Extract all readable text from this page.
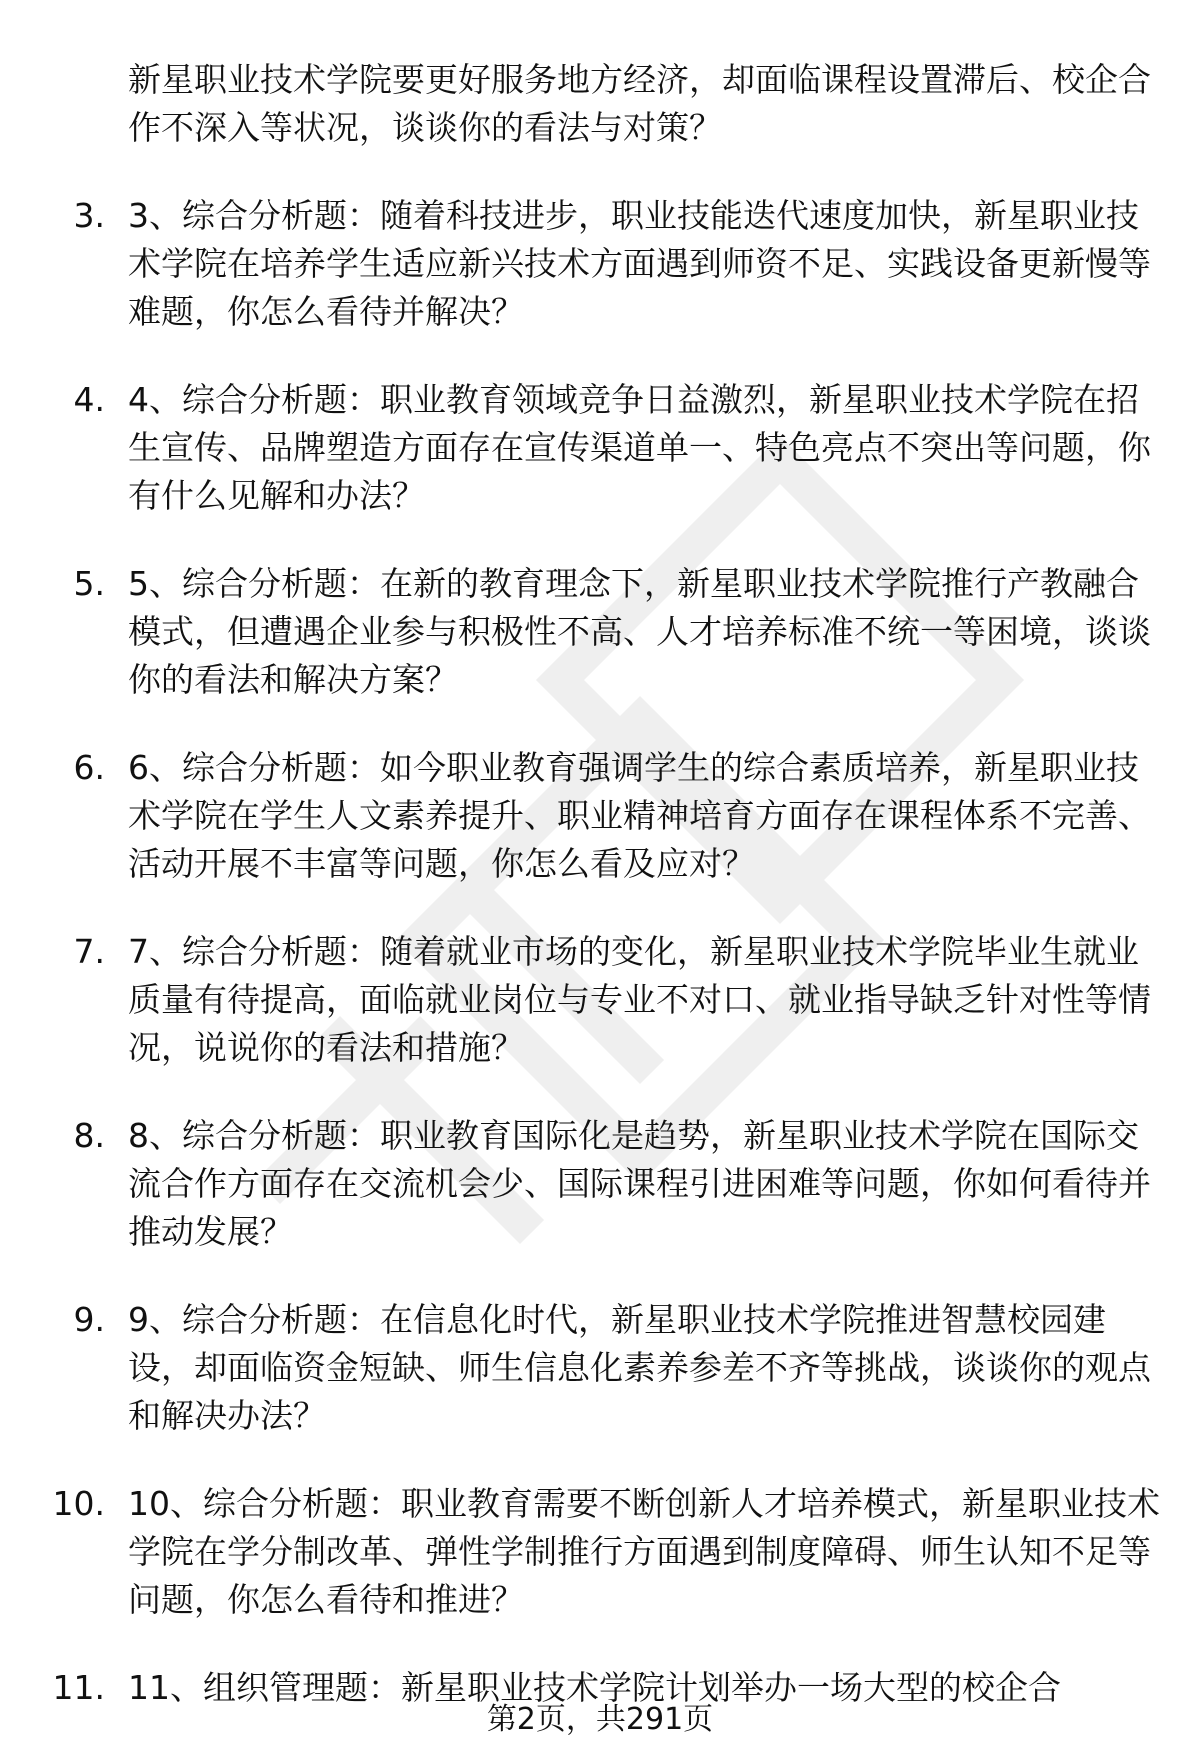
新星职业技术学院要更好服务地方经济，却面临课程设置滞后、校企合作不深入等状况，谈谈你的看法与对策？
3. 3、综合分析题：随着科技进步，职业技能迭代速度加快，新星职业技术学院在培养学生适应新兴技术方面遇到师资不足、实践设备更新慢等难题，你怎么看待并解决？
4. 4、综合分析题：职业教育领域竞争日益激烈，新星职业技术学院在招生宣传、品牌塑造方面存在宣传渠道单一、特色亮点不突出等问题，你有什么见解和办法？
5. 5、综合分析题：在新的教育理念下，新星职业技术学院推行产教融合模式，但遭遇企业参与积极性不高、人才培养标准不统一等困境，谈谈你的看法和解决方案？
6. 6、综合分析题：如今职业教育强调学生的综合素质培养，新星职业技术学院在学生人文素养提升、职业精神培育方面存在课程体系不完善、活动开展不丰富等问题，你怎么看及应对？
7. 7、综合分析题：随着就业市场的变化，新星职业技术学院毕业生就业质量有待提高，面临就业岗位与专业不对口、就业指导缺乏针对性等情况，说说你的看法和措施？
8. 8、综合分析题：职业教育国际化是趋势，新星职业技术学院在国际交流合作方面存在交流机会少、国际课程引进困难等问题，你如何看待并推动发展？
9. 9、综合分析题：在信息化时代，新星职业技术学院推进智慧校园建设，却面临资金短缺、师生信息化素养参差不齐等挑战，谈谈你的观点和解决办法？
10. 10、综合分析题：职业教育需要不断创新人才培养模式，新星职业技术学院在学分制改革、弹性学制推行方面遇到制度障碍、师生认知不足等问题，你怎么看待和推进？
11. 11、组织管理题：新星职业技术学院计划举办一场大型的校企合
第2页，共291页
